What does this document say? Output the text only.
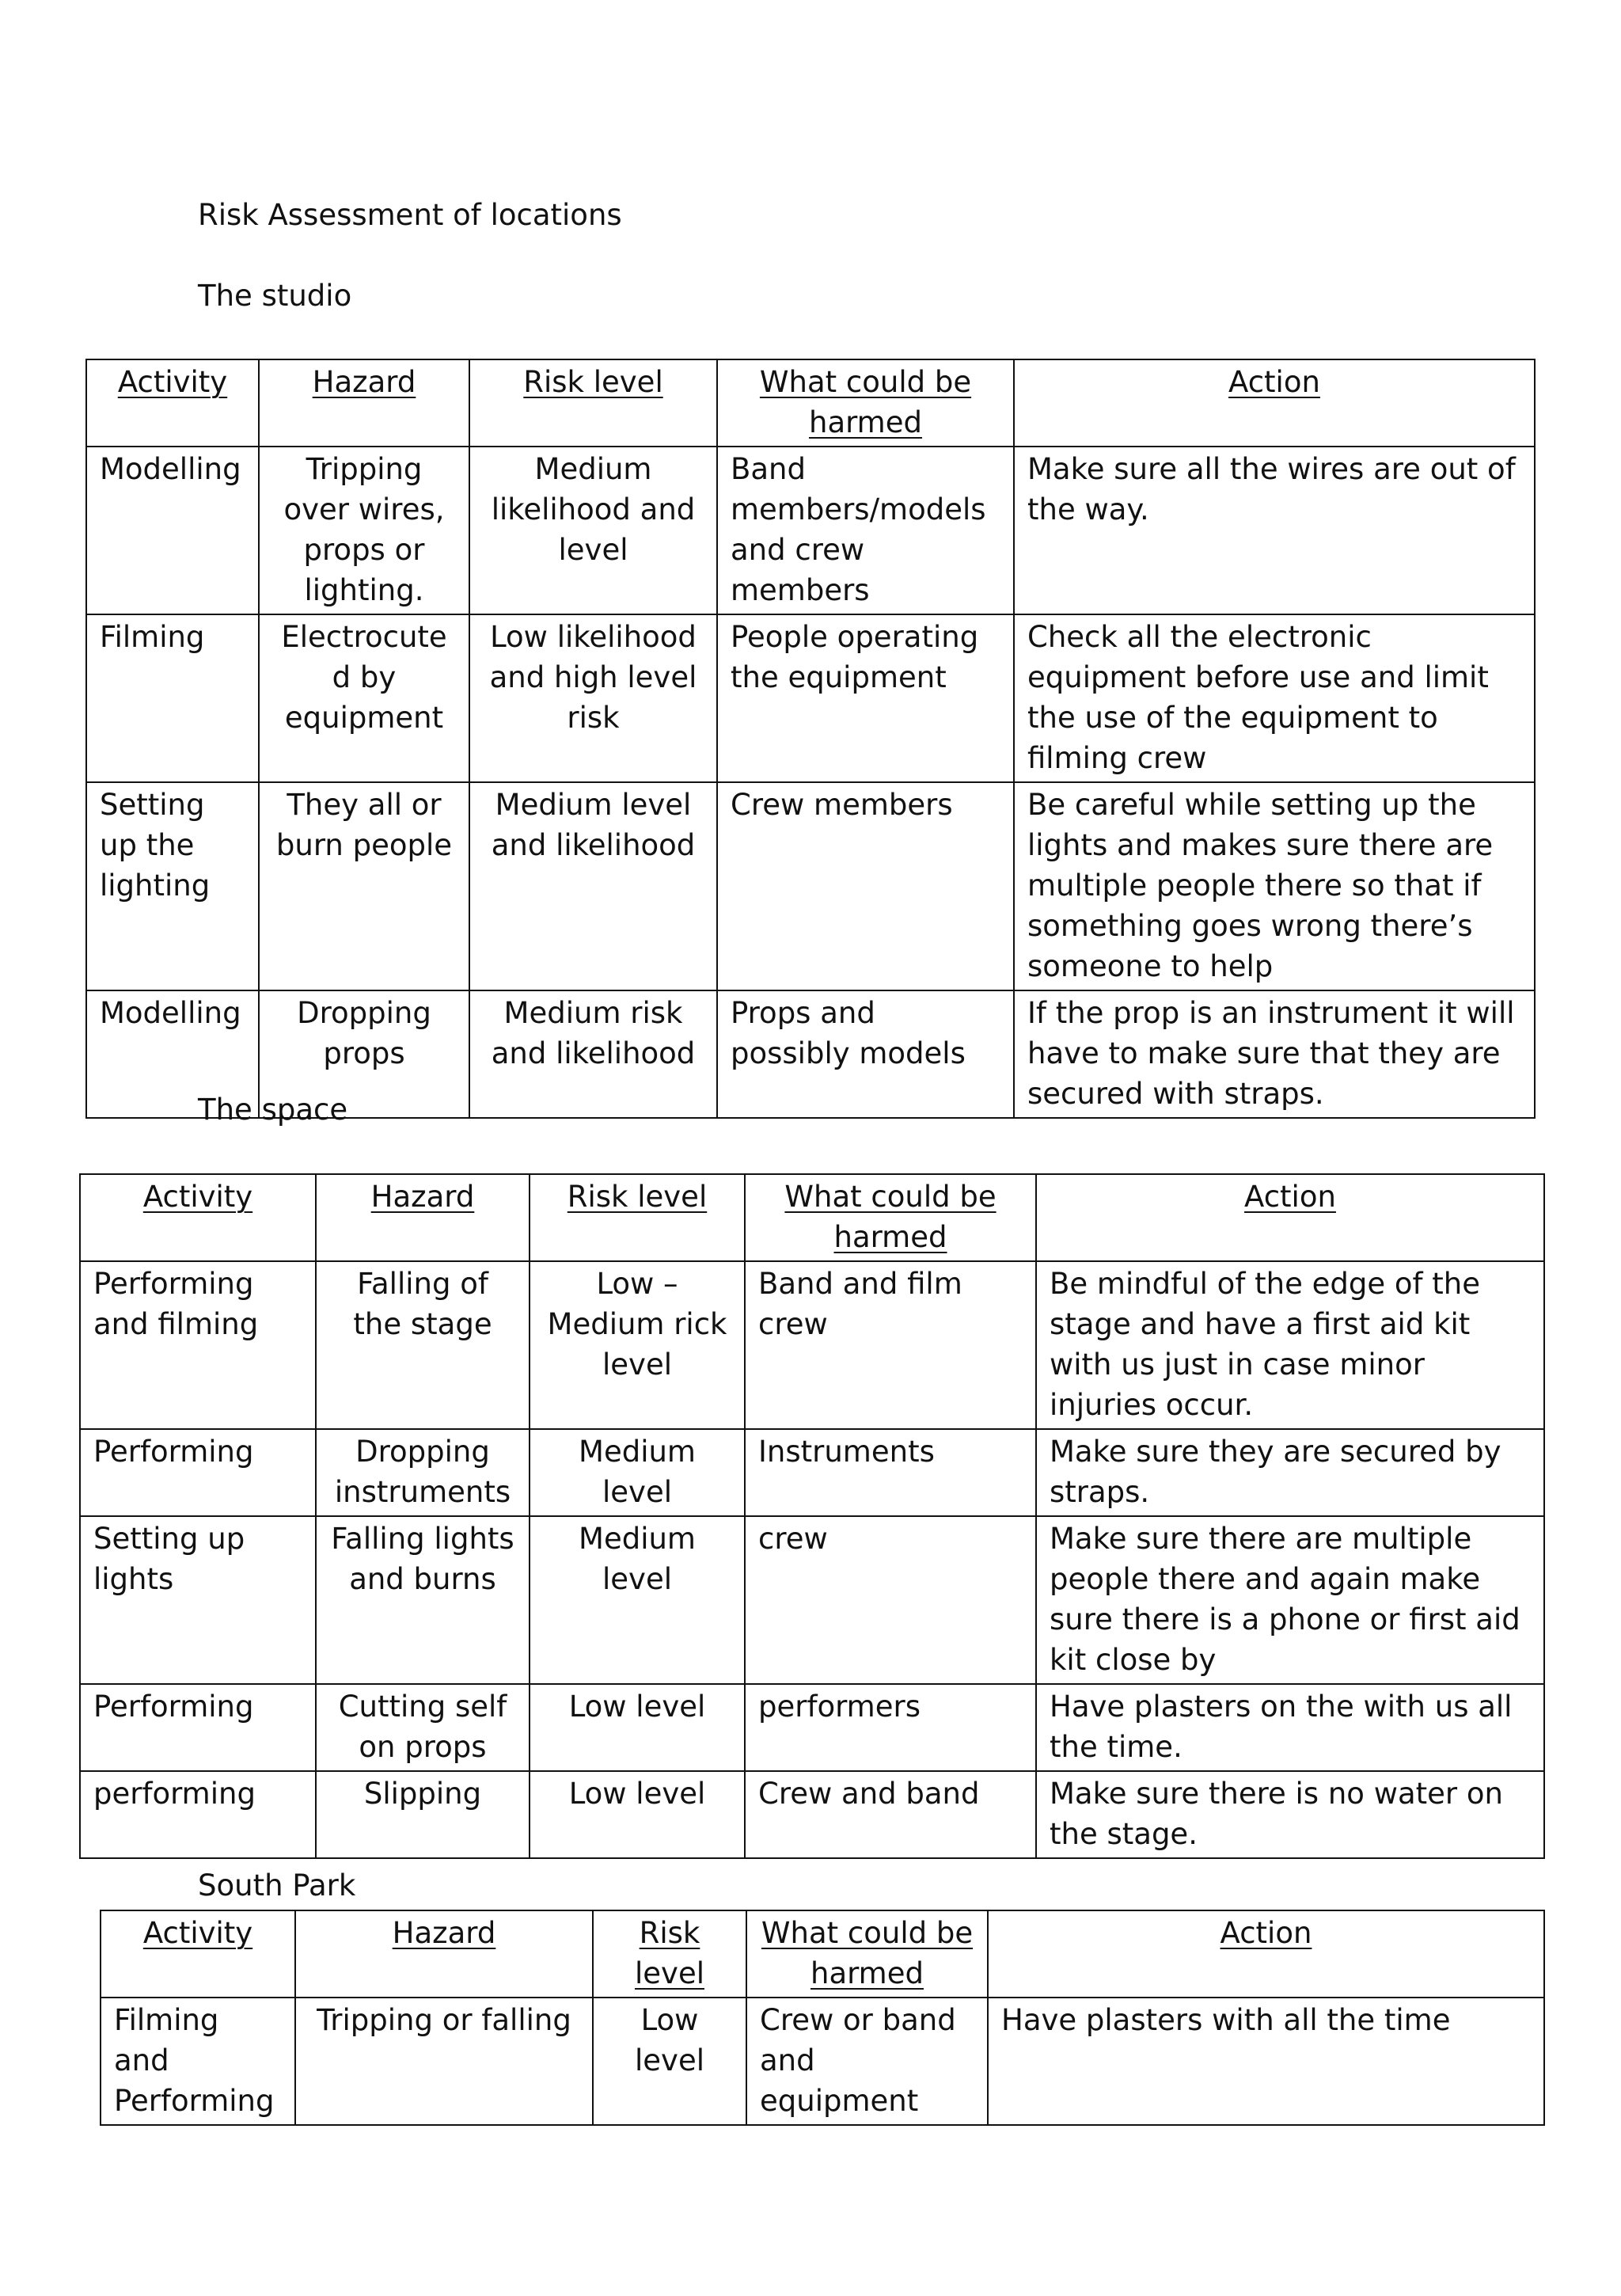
Risk Assessment of locations
The studio
Activity	Hazard	Risk level	What could be harmed	Action
Modelling	Tripping over wires, props or lighting.	Medium likelihood and level	Band members/models and crew members	Make sure all the wires are out of the way.
Filming	Electrocuted by equipment	Low likelihood and high level risk	People operating the equipment	Check all the electronic equipment before use and limit the use of the equipment to filming crew
Setting up the lighting	They all or burn people	Medium level and likelihood	Crew members	Be careful while setting up the lights and makes sure there are multiple people there so that if something goes wrong there’s someone to help
Modelling	Dropping props	Medium risk and likelihood	Props and possibly models	If the prop is an instrument it will have to make sure that they are secured with straps.
The space
Activity	Hazard	Risk level	What could be harmed	Action
Performing and filming	Falling of the stage	Low – Medium rick level	Band and film crew	Be mindful of the edge of the stage and have a first aid kit with us just in case minor injuries occur.
Performing	Dropping instruments	Medium level	Instruments	Make sure they are secured by straps.
Setting up lights	Falling lights and burns	Medium level	crew	Make sure there are multiple people there and again make sure there is a phone or first aid kit close by
Performing	Cutting self on props	Low level	performers	Have plasters on the with us all the time.
performing	Slipping	Low level	Crew and band	Make sure there is no water on the stage.
South Park
Activity	Hazard	Risk level	What could be harmed	Action
Filming and Performing	Tripping or falling	Low level	Crew or band and equipment	Have plasters with all the time
